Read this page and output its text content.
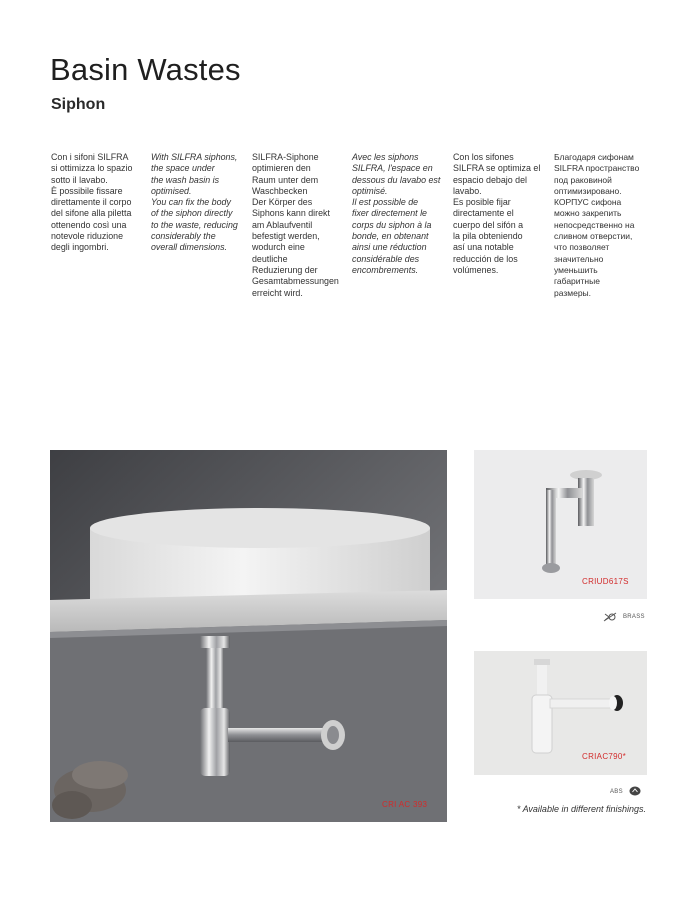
Basin Wastes
Siphon
Con i sifoni SILFRA
si ottimizza lo spazio
sotto il lavabo.
È possibile fissare
direttamente il corpo
del sifone alla piletta
ottenendo così una
notevole riduzione
degli ingombri.
With SILFRA siphons,
the space under
the wash basin is
optimised.
You can fix the body
of the siphon directly
to the waste, reducing
considerably the
overall dimensions.
SILFRA-Siphone
optimieren den
Raum unter dem
Waschbecken
Der Körper des
Siphons kann direkt
am Ablaufventil
befestigt werden,
wodurch eine
deutliche
Reduzierung der
Gesamtabmessungen
erreicht wird.
Avec les siphons
SILFRA, l'espace en
dessous du lavabo est
optimisé.
Il est possible de
fixer directement le
corps du siphon à la
bonde, en obtenant
ainsi une réduction
considérable des
encombrements.
Con los sifones
SILFRA se optimiza el
espacio debajo del
lavabo.
Es posible fijar
directamente el
cuerpo del sifón a
la pila obteniendo
así una notable
reducción de los
volúmenes.
Благодаря сифонам
SILFRA пространство
под раковиной
оптимизировано.
КОРПУС сифона
можно закрепить
непосредственно на
сливном отверстии,
что позволяет
значительно
уменьшить
габаритные
размеры.
CRI AC 393
CRIUD617S
BRASS
CRIAC790*
ABS
* Available in different finishings.
